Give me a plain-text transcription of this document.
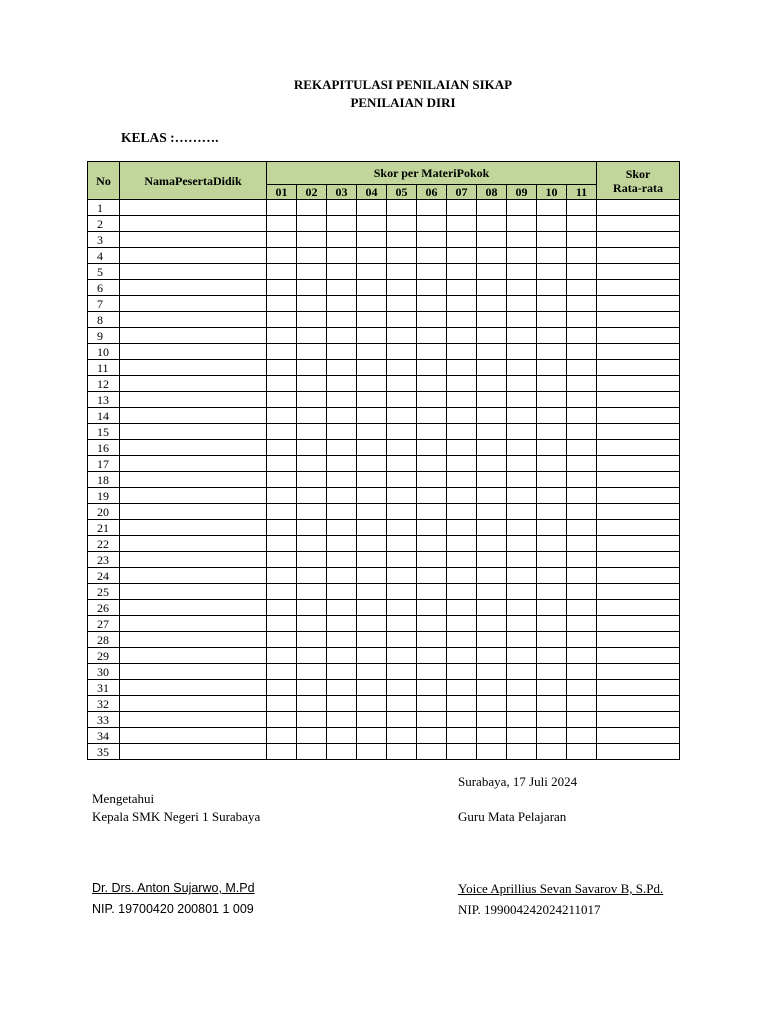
REKAPITULASI PENILAIAN SIKAP
PENILAIAN DIRI
KELAS :……….
No	NamaPesertaDidik	Skor per MateriPokok											Skor
Rata-rata
		01	02	03	04	05	06	07	08	09	10	11	
1													
2													
3													
4													
5													
6													
7													
8													
9													
10													
11													
12													
13													
14													
15													
16													
17													
18													
19													
20													
21													
22													
23													
24													
25													
26													
27													
28													
29													
30													
31													
32													
33													
34													
35													
Surabaya, 17 Juli 2024
Mengetahui
Kepala SMK Negeri 1 Surabaya	Guru Mata Pelajaran
Dr. Drs. Anton Sujarwo, M.Pd
NIP. 19700420 200801 1 009
Yoice Aprillius Sevan Savarov B, S.Pd.
NIP. 199004242024211017
